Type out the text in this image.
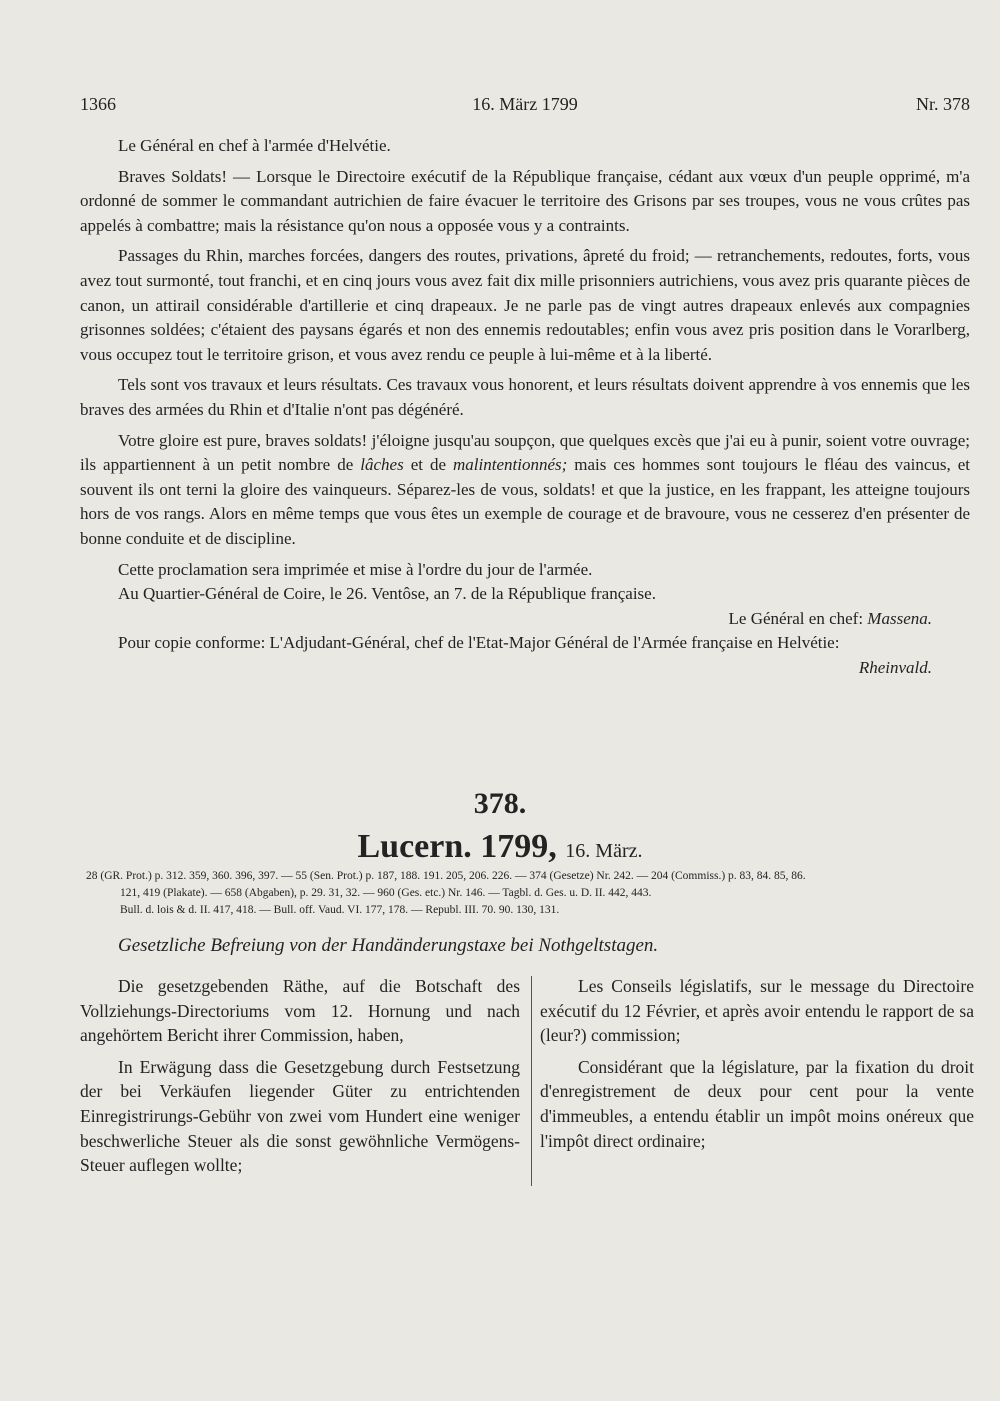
1366	16. März 1799	Nr. 378

Le Général en chef à l'armée d'Helvétie.

Braves Soldats! — Lorsque le Directoire exécutif de la République française, cédant aux vœux d'un peuple opprimé, m'a ordonné de sommer le commandant autrichien de faire évacuer le territoire des Grisons par ses troupes, vous ne vous crûtes pas appelés à combattre; mais la résistance qu'on nous a opposée vous y a contraints.

Passages du Rhin, marches forcées, dangers des routes, privations, âpreté du froid; — retranchements, redoutes, forts, vous avez tout surmonté, tout franchi, et en cinq jours vous avez fait dix mille prisonniers autrichiens, vous avez pris quarante pièces de canon, un attirail considérable d'artillerie et cinq drapeaux. Je ne parle pas de vingt autres drapeaux enlevés aux compagnies grisonnes soldées; c'étaient des paysans égarés et non des ennemis redoutables; enfin vous avez pris position dans le Vorarlberg, vous occupez tout le territoire grison, et vous avez rendu ce peuple à lui-même et à la liberté.

Tels sont vos travaux et leurs résultats. Ces travaux vous honorent, et leurs résultats doivent apprendre à vos ennemis que les braves des armées du Rhin et d'Italie n'ont pas dégénéré.

Votre gloire est pure, braves soldats! j'éloigne jusqu'au soupçon, que quelques excès que j'ai eu à punir, soient votre ouvrage; ils appartiennent à un petit nombre de lâches et de malintentionnés; mais ces hommes sont toujours le fléau des vaincus, et souvent ils ont terni la gloire des vainqueurs. Séparez-les de vous, soldats! et que la justice, en les frappant, les atteigne toujours hors de vos rangs. Alors en même temps que vous êtes un exemple de courage et de bravoure, vous ne cesserez d'en présenter de bonne conduite et de discipline.

Cette proclamation sera imprimée et mise à l'ordre du jour de l'armée.

Au Quartier-Général de Coire, le 26. Ventôse, an 7. de la République française.

Le Général en chef: Massena.

Pour copie conforme: L'Adjudant-Général, chef de l'Etat-Major Général de l'Armée française en Helvétie:

Rheinvald.

378.
Lucern. 1799, 16. März.
28 (GR. Prot.) p. 312. 359, 360. 396, 397. — 55 (Sen. Prot.) p. 187, 188. 191. 205, 206. 226. — 374 (Gesetze) Nr. 242. — 204 (Commiss.) p. 83, 84. 85, 86.
121, 419 (Plakate). — 658 (Abgaben), p. 29. 31, 32. — 960 (Ges. etc.) Nr. 146. — Tagbl. d. Ges. u. D. II. 442, 443.
Bull. d. lois & d. II. 417, 418. — Bull. off. Vaud. VI. 177, 178. — Republ. III. 70. 90. 130, 131.
Gesetzliche Befreiung von der Handänderungstaxe bei Nothgeltstagen.

Die gesetzgebenden Räthe, auf die Botschaft des Vollziehungs-Directoriums vom 12. Hornung und nach angehörtem Bericht ihrer Commission, haben,

In Erwägung dass die Gesetzgebung durch Festsetzung der bei Verkäufen liegender Güter zu entrichtenden Einregistrirungs-Gebühr von zwei vom Hundert eine weniger beschwerliche Steuer als die sonst gewöhnliche Vermögens-Steuer auflegen wollte;

Les Conseils législatifs, sur le message du Directoire exécutif du 12 Février, et après avoir entendu le rapport de sa (leur?) commission;

Considérant que la législature, par la fixation du droit d'enregistrement de deux pour cent pour la vente d'immeubles, a entendu établir un impôt moins onéreux que l'impôt direct ordinaire;
